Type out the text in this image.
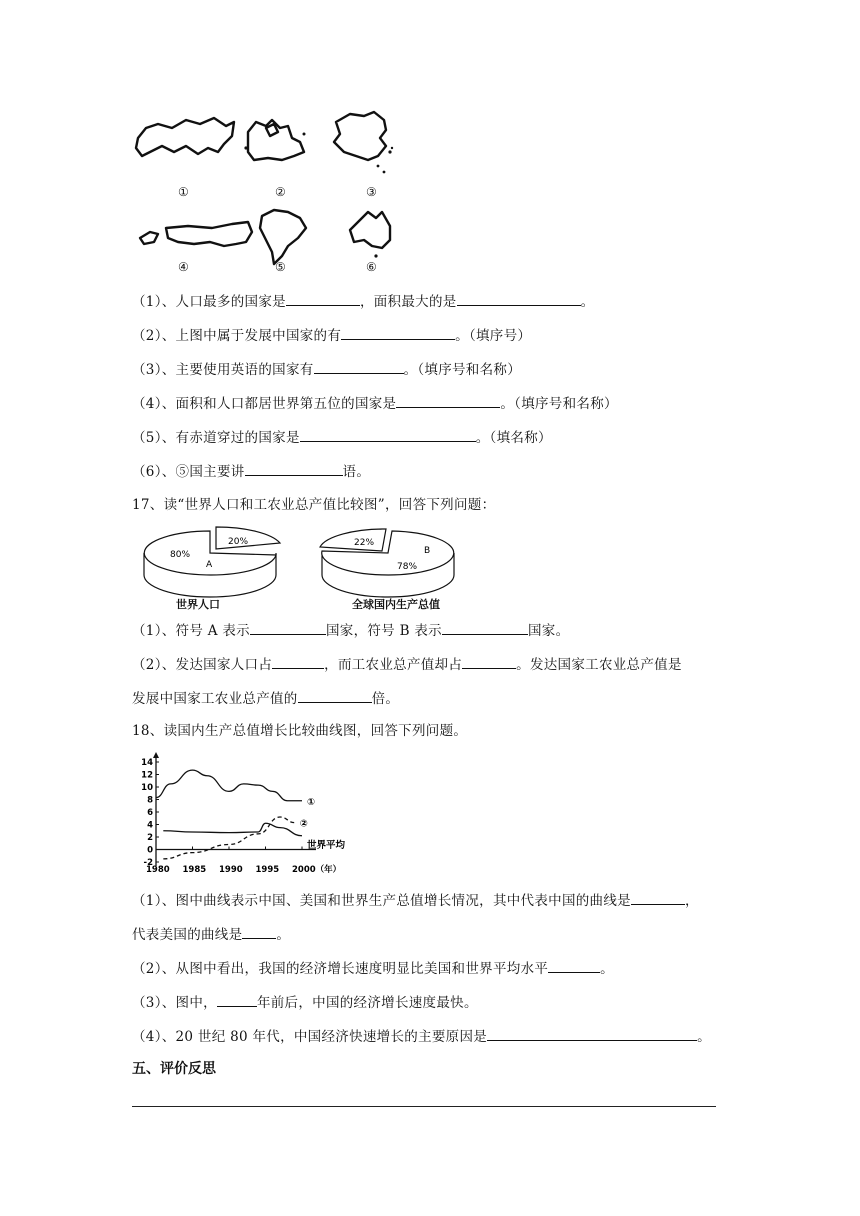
①	②	③
④	⑤	⑥
（1）、人口最多的国家是	，面积最大的是	。
（2）、上图中属于发展中国家的有	。（填序号）
（3）、主要使用英语的国家有	。（填序号和名称）
（4）、面积和人口都居世界第五位的国家是	。（填序号和名称）
（5）、有赤道穿过的国家是	。（填名称）
（6）、⑤国主要讲	语。
17、读“世界人口和工农业总产值比较图”，回答下列问题：
80%
20%
A
22%
B
78%
世界人口	全球国内生产总值
（1）、符号 A 表示	国家，符号 B 表示	国家。
（2）、发达国家人口占	，而工农业总产值却占	。发达国家工农业总产值是
发展中国家工农业总产值的	倍。
18、读国内生产总值增长比较曲线图，回答下列问题。
14
12
10
8
6
4
2
0
-2
1980 1985 1990 1995 2000（年）
①
②
世界平均
（1）、图中曲线表示中国、美国和世界生产总值增长情况，其中代表中国的曲线是	，
代表美国的曲线是	。
（2）、从图中看出，我国的经济增长速度明显比美国和世界平均水平	。
（3）、图中，	年前后，中国的经济增长速度最快。
（4）、20 世纪 80 年代，中国经济快速增长的主要原因是	。
五、评价反思
